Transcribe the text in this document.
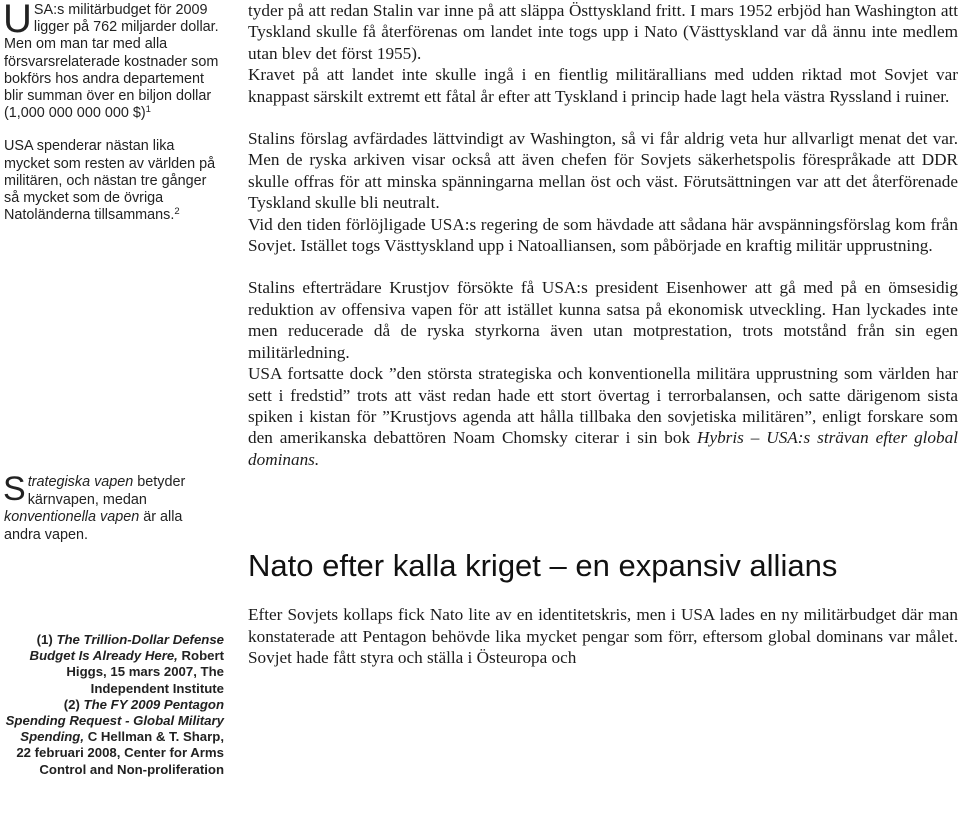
USA:s militärbudget för 2009 ligger på 762 miljarder dollar. Men om man tar med alla försvarsrelaterade kostnader som bokförs hos andra departement blir summan över en biljon dollar (1,000 000 000 000 $)$^1$

USA spenderar nästan lika mycket som resten av världen på militären, och nästan tre gånger så mycket som de övriga Natoländerna tillsammans.$^2$

Strategiska vapen betyder kärnvapen, medan konventionella vapen är alla andra vapen.

(1) The Trillion-Dollar Defense Budget Is Already Here, Robert Higgs, 15 mars 2007, The Independent Institute

(2) The FY 2009 Pentagon Spending Request - Global Military Spending, C Hellman & T. Sharp, 22 februari 2008, Center for Arms Control and Non-proliferation

tyder på att redan Stalin var inne på att släppa Östtyskland fritt. I mars 1952 erbjöd han Washington att Tyskland skulle få återförenas om landet inte togs upp i Nato (Västtyskland var då ännu inte medlem utan blev det först 1955).

Kravet på att landet inte skulle ingå i en fientlig militärallians med udden riktad mot Sovjet var knappast särskilt extremt ett fåtal år efter att Tyskland i princip hade lagt hela västra Ryssland i ruiner.

Stalins förslag avfärdades lättvindigt av Washington, så vi får aldrig veta hur allvarligt menat det var. Men de ryska arkiven visar också att även chefen för Sovjets säkerhetspolis förespråkade att DDR skulle offras för att minska spänningarna mellan öst och väst. Förutsättningen var att det återförenade Tyskland skulle bli neutralt.

Vid den tiden förlöjligade USA:s regering de som hävdade att sådana här avspänningsförslag kom från Sovjet. Istället togs Västtyskland upp i Natoalliansen, som påbörjade en kraftig militär upprustning.

Stalins efterträdare Krustjov försökte få USA:s president Eisenhower att gå med på en ömsesidig reduktion av offensiva vapen för att istället kunna satsa på ekonomisk utveckling. Han lyckades inte men reducerade då de ryska styrkorna även utan motprestation, trots motstånd från sin egen militärledning.

USA fortsatte dock ”den största strategiska och konventionella militära upprustning som världen har sett i fredstid” trots att väst redan hade ett stort övertag i terrorbalansen, och satte därigenom sista spiken i kistan för ”Krustjovs agenda att hålla tillbaka den sovjetiska militären”, enligt forskare som den amerikanska debattören Noam Chomsky citerar i sin bok Hybris – USA:s strävan efter global dominans.

Nato efter kalla kriget – en expansiv allians

Efter Sovjets kollaps fick Nato lite av en identitetskris, men i USA lades en ny militärbudget där man konstaterade att Pentagon behövde lika mycket pengar som förr, eftersom global dominans var målet. Sovjet hade fått styra och ställa i Östeuropa och
